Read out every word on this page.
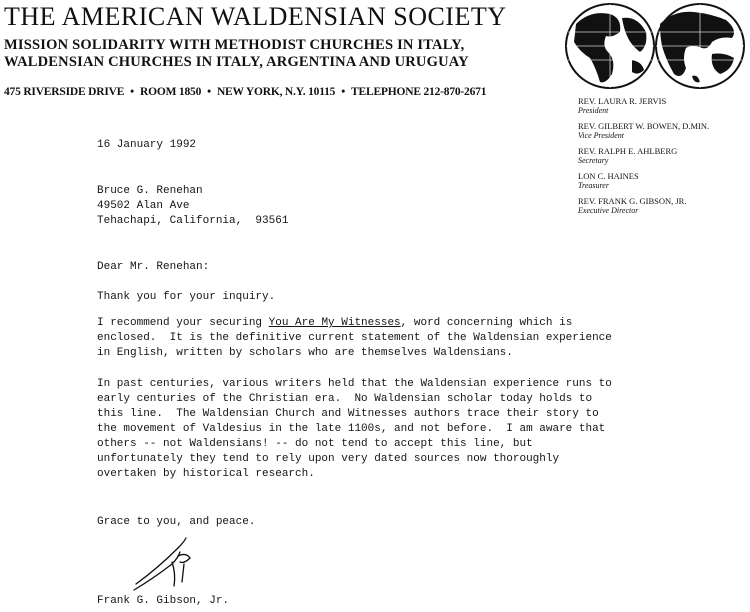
THE AMERICAN WALDENSIAN SOCIETY
MISSION SOLIDARITY WITH METHODIST CHURCHES IN ITALY,
WALDENSIAN CHURCHES IN ITALY, ARGENTINA AND URUGUAY
475 RIVERSIDE DRIVE • ROOM 1850 • NEW YORK, N.Y. 10115 • TELEPHONE 212-870-2671
REV. LAURA R. JERVIS
President
REV. GILBERT W. BOWEN, D.MIN.
Vice President
REV. RALPH E. AHLBERG
Secretary
LON C. HAINES
Treasurer
REV. FRANK G. GIBSON, JR.
Executive Director
16 January 1992
Bruce G. Renehan
49502 Alan Ave
Tehachapi, California,  93561
Dear Mr. Renehan:
Thank you for your inquiry.
I recommend your securing You Are My Witnesses, word concerning which is
enclosed.  It is the definitive current statement of the Waldensian experience
in English, written by scholars who are themselves Waldensians.
In past centuries, various writers held that the Waldensian experience runs to
early centuries of the Christian era.  No Waldensian scholar today holds to
this line.  The Waldensian Church and Witnesses authors trace their story to
the movement of Valdesius in the late 1100s, and not before.  I am aware that
others -- not Waldensians! -- do not tend to accept this line, but
unfortunately they tend to rely upon very dated sources now thoroughly
overtaken by historical research.
Grace to you, and peace.
Frank G. Gibson, Jr.
